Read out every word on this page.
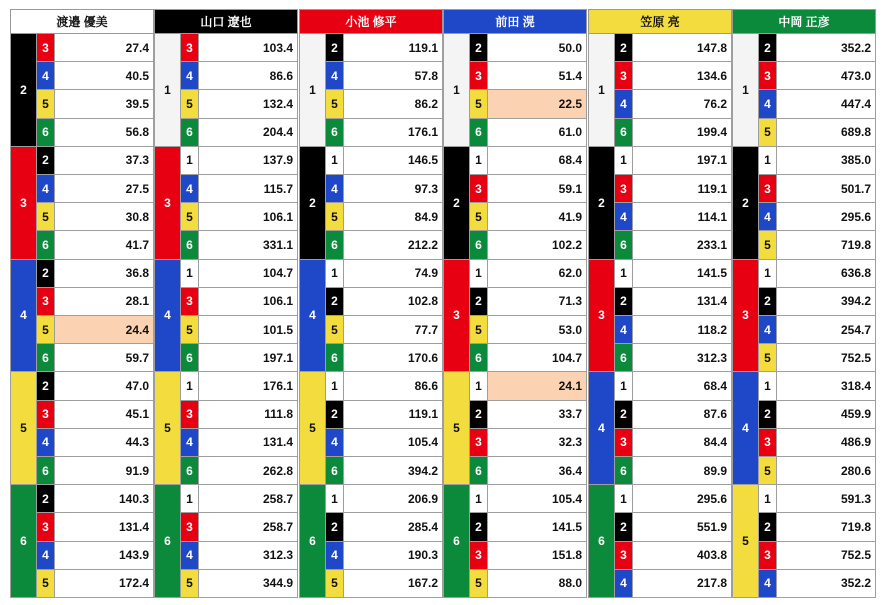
渡邉 優美
2
3	27.4
4	40.5
5	39.5
6	56.8
3
2	37.3
4	27.5
5	30.8
6	41.7
4
2	36.8
3	28.1
5	24.4
6	59.7
5
2	47.0
3	45.1
4	44.3
6	91.9
6
2	140.3
3	131.4
4	143.9
5	172.4
山口 遼也
1
3	103.4
4	86.6
5	132.4
6	204.4
3
1	137.9
4	115.7
5	106.1
6	331.1
4
1	104.7
3	106.1
5	101.5
6	197.1
5
1	176.1
3	111.8
4	131.4
6	262.8
6
1	258.7
3	258.7
4	312.3
5	344.9
小池 修平
1
2	119.1
4	57.8
5	86.2
6	176.1
2
1	146.5
4	97.3
5	84.9
6	212.2
4
1	74.9
2	102.8
5	77.7
6	170.6
5
1	86.6
2	119.1
4	105.4
6	394.2
6
1	206.9
2	285.4
4	190.3
5	167.2
前田 滉
1
2	50.0
3	51.4
5	22.5
6	61.0
2
1	68.4
3	59.1
5	41.9
6	102.2
3
1	62.0
2	71.3
5	53.0
6	104.7
5
1	24.1
2	33.7
3	32.3
6	36.4
6
1	105.4
2	141.5
3	151.8
5	88.0
笠原 亮
1
2	147.8
3	134.6
4	76.2
6	199.4
2
1	197.1
3	119.1
4	114.1
6	233.1
3
1	141.5
2	131.4
4	118.2
6	312.3
4
1	68.4
2	87.6
3	84.4
6	89.9
6
1	295.6
2	551.9
3	403.8
4	217.8
中岡 正彦
1
2	352.2
3	473.0
4	447.4
5	689.8
2
1	385.0
3	501.7
4	295.6
5	719.8
3
1	636.8
2	394.2
4	254.7
5	752.5
4
1	318.4
2	459.9
3	486.9
5	280.6
5
1	591.3
2	719.8
3	752.5
4	352.2
